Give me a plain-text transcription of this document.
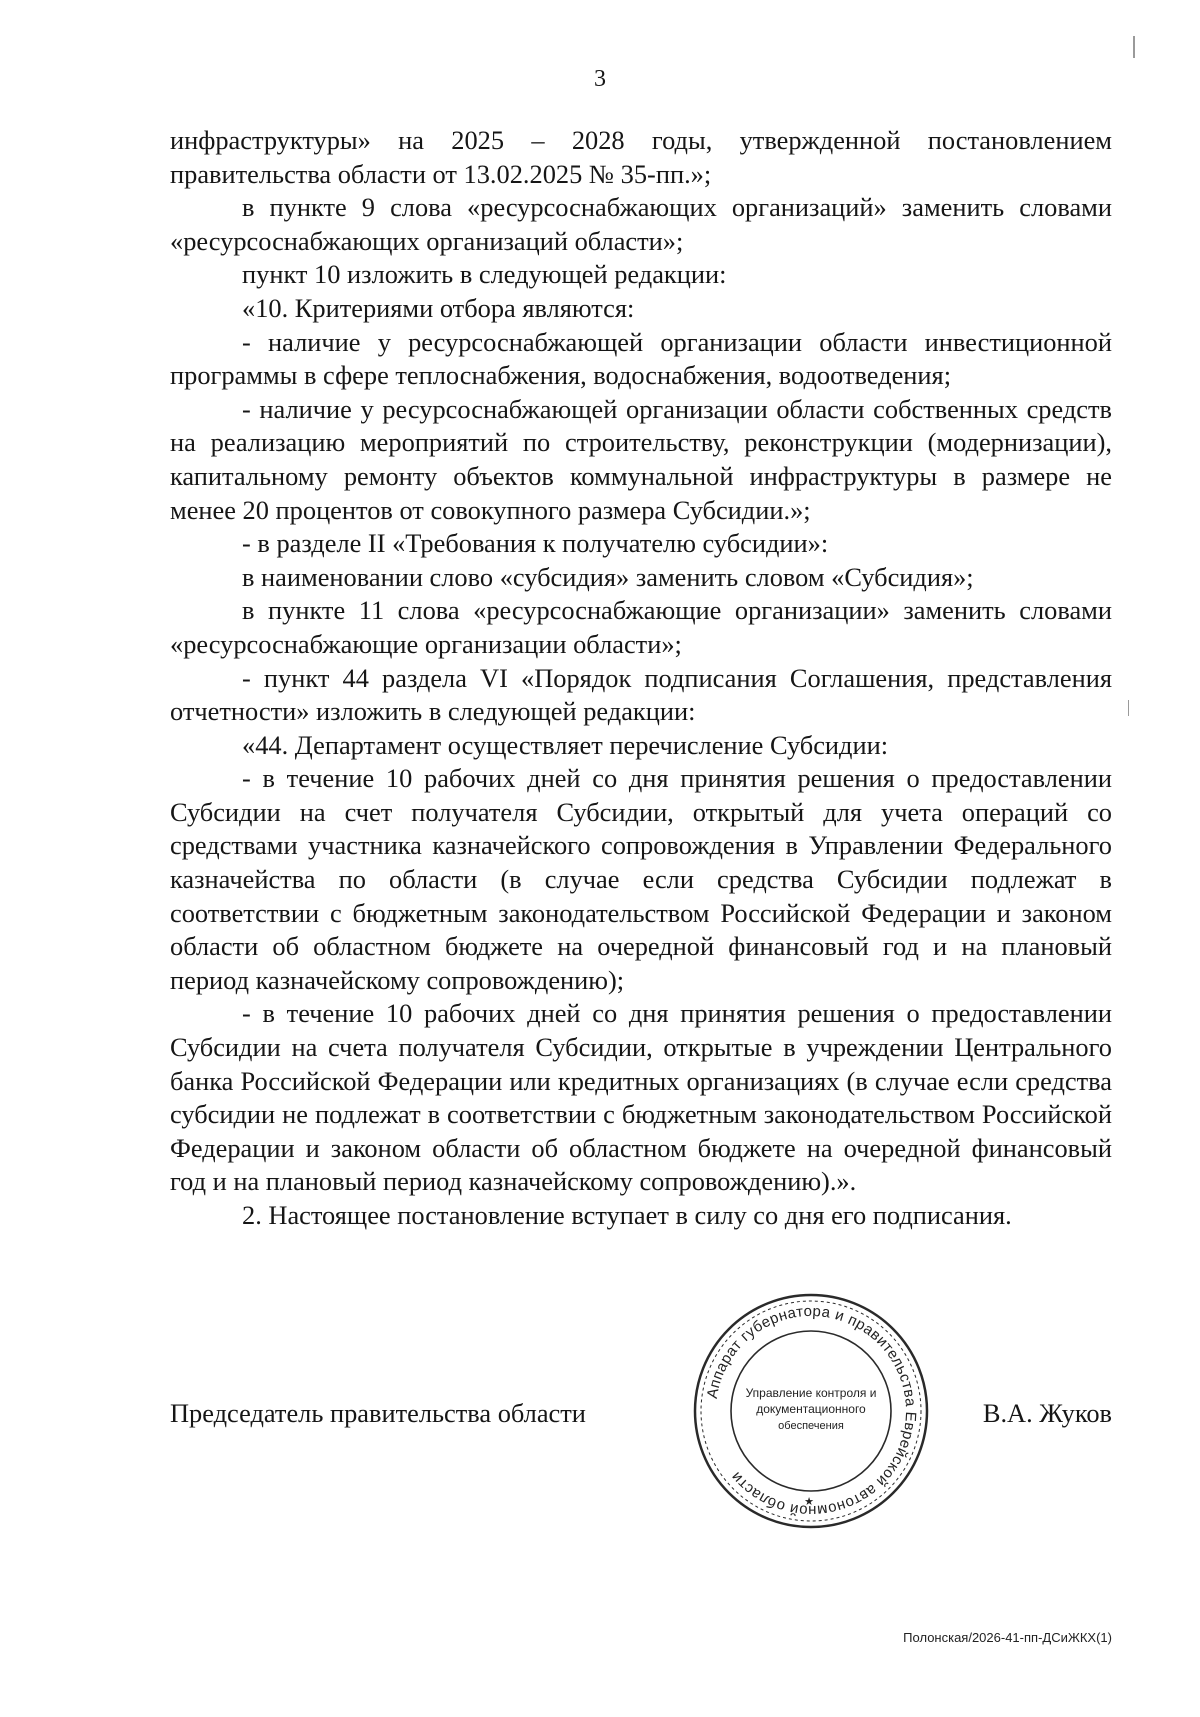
3

инфраструктуры» на 2025 – 2028 годы, утвержденной постановлением правительства области от 13.02.2025 № 35-пп.»;

в пункте 9 слова «ресурсоснабжающих организаций» заменить словами «ресурсоснабжающих организаций области»;

пункт 10 изложить в следующей редакции:

«10. Критериями отбора являются:

- наличие у ресурсоснабжающей организации области инвестиционной программы в сфере теплоснабжения, водоснабжения, водоотведения;

- наличие у ресурсоснабжающей организации области собственных средств на реализацию мероприятий по строительству, реконструкции (модернизации), капитальному ремонту объектов коммунальной инфраструктуры в размере не менее 20 процентов от совокупного размера Субсидии.»;

- в разделе II «Требования к получателю субсидии»:

в наименовании слово «субсидия» заменить словом «Субсидия»;

в пункте 11 слова «ресурсоснабжающие организации» заменить словами «ресурсоснабжающие организации области»;

- пункт 44 раздела VI «Порядок подписания Соглашения, представления отчетности» изложить в следующей редакции:

«44. Департамент осуществляет перечисление Субсидии:

- в течение 10 рабочих дней со дня принятия решения о предоставлении Субсидии на счет получателя Субсидии, открытый для учета операций со средствами участника казначейского сопровождения в Управлении Федерального казначейства по области (в случае если средства Субсидии подлежат в соответствии с бюджетным законодательством Российской Федерации и законом области об областном бюджете на очередной финансовый год и на плановый период казначейскому сопровождению);

- в течение 10 рабочих дней со дня принятия решения о предоставлении Субсидии на счета получателя Субсидии, открытые в учреждении Центрального банка Российской Федерации или кредитных организациях (в случае если средства субсидии не подлежат в соответствии с бюджетным законодательством Российской Федерации и законом области об областном бюджете на очередной финансовый год и на плановый период казначейскому сопровождению).».

2. Настоящее постановление вступает в силу со дня его подписания.

Председатель правительства области	В.А. Жуков
Аппарат губернатора и правительства Еврейской автономной области
Управление контроля и
документационного
обеспечения
★
Полонская/2026-41-пп-ДСиЖКХ(1)
